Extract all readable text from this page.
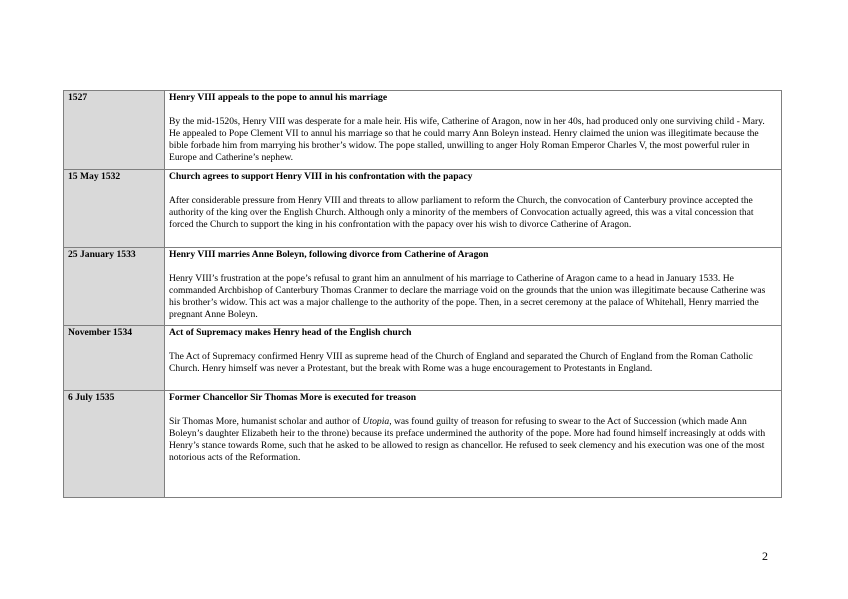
1527	Henry VIII appeals to the pope to annul his marriage

By the mid-1520s, Henry VIII was desperate for a male heir. His wife, Catherine of Aragon, now in her 40s, had produced only one surviving child - Mary. He appealed to Pope Clement VII to annul his marriage so that he could marry Ann Boleyn instead. Henry claimed the union was illegitimate because the bible forbade him from marrying his brother’s widow. The pope stalled, unwilling to anger Holy Roman Emperor Charles V, the most powerful ruler in Europe and Catherine’s nephew.

15 May 1532	Church agrees to support Henry VIII in his confrontation with the papacy

After considerable pressure from Henry VIII and threats to allow parliament to reform the Church, the convocation of Canterbury province accepted the authority of the king over the English Church. Although only a minority of the members of Convocation actually agreed, this was a vital concession that forced the Church to support the king in his confrontation with the papacy over his wish to divorce Catherine of Aragon.

25 January 1533	Henry VIII marries Anne Boleyn, following divorce from Catherine of Aragon

Henry VIII’s frustration at the pope’s refusal to grant him an annulment of his marriage to Catherine of Aragon came to a head in January 1533. He commanded Archbishop of Canterbury Thomas Cranmer to declare the marriage void on the grounds that the union was illegitimate because Catherine was his brother’s widow. This act was a major challenge to the authority of the pope. Then, in a secret ceremony at the palace of Whitehall, Henry married the pregnant Anne Boleyn.

November 1534	Act of Supremacy makes Henry head of the English church

The Act of Supremacy confirmed Henry VIII as supreme head of the Church of England and separated the Church of England from the Roman Catholic Church. Henry himself was never a Protestant, but the break with Rome was a huge encouragement to Protestants in England.

6 July 1535	Former Chancellor Sir Thomas More is executed for treason

Sir Thomas More, humanist scholar and author of Utopia, was found guilty of treason for refusing to swear to the Act of Succession (which made Ann Boleyn’s daughter Elizabeth heir to the throne) because its preface undermined the authority of the pope. More had found himself increasingly at odds with Henry’s stance towards Rome, such that he asked to be allowed to resign as chancellor. He refused to seek clemency and his execution was one of the most notorious acts of the Reformation.

2
